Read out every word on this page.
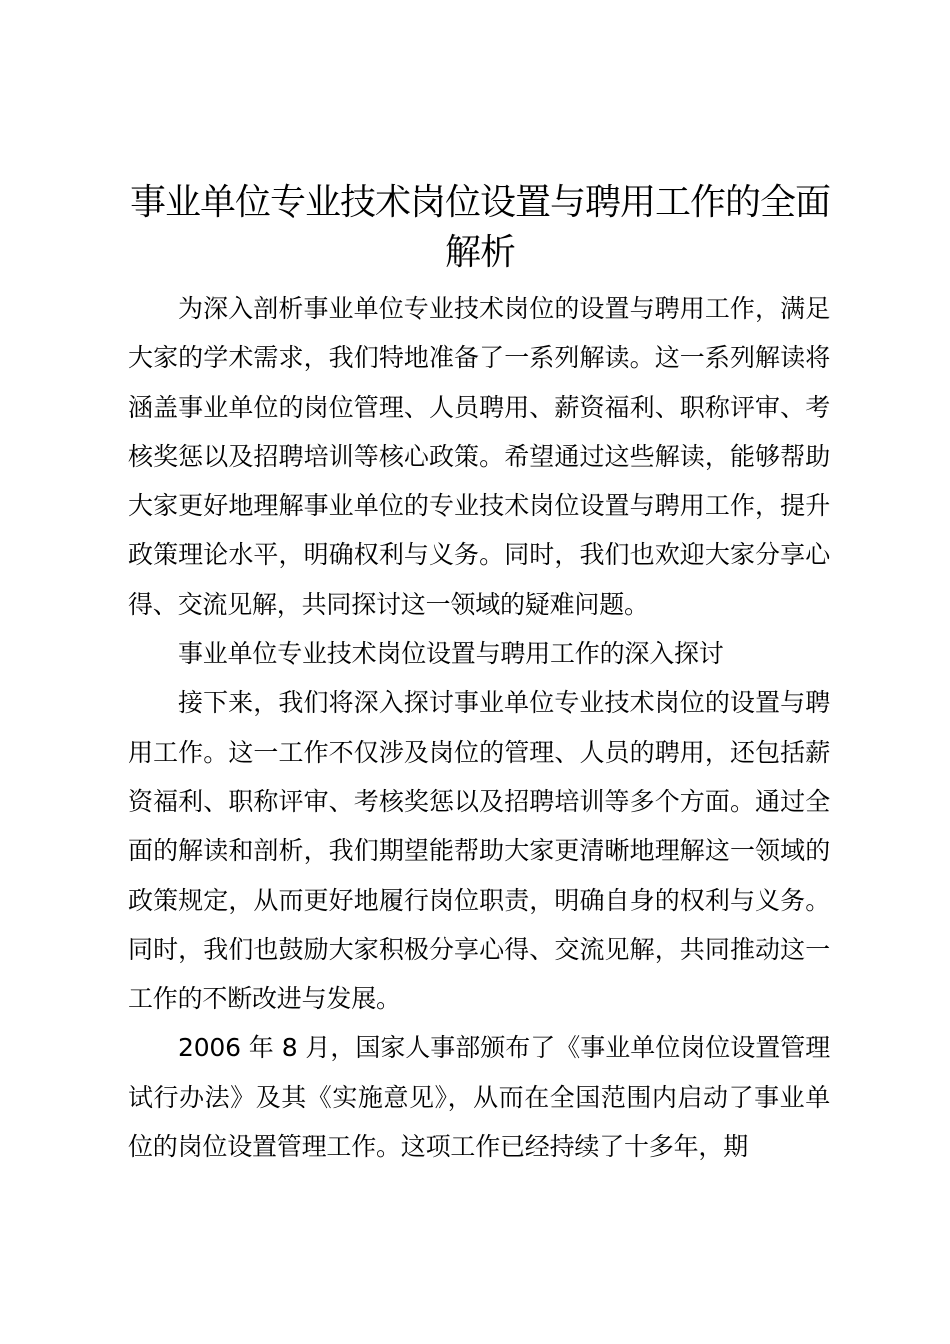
事业单位专业技术岗位设置与聘用工作的全面解析

为深入剖析事业单位专业技术岗位的设置与聘用工作，满足大家的学术需求，我们特地准备了一系列解读。这一系列解读将涵盖事业单位的岗位管理、人员聘用、薪资福利、职称评审、考核奖惩以及招聘培训等核心政策。希望通过这些解读，能够帮助大家更好地理解事业单位的专业技术岗位设置与聘用工作，提升政策理论水平，明确权利与义务。同时，我们也欢迎大家分享心得、交流见解，共同探讨这一领域的疑难问题。

事业单位专业技术岗位设置与聘用工作的深入探讨

接下来，我们将深入探讨事业单位专业技术岗位的设置与聘用工作。这一工作不仅涉及岗位的管理、人员的聘用，还包括薪资福利、职称评审、考核奖惩以及招聘培训等多个方面。通过全面的解读和剖析，我们期望能帮助大家更清晰地理解这一领域的政策规定，从而更好地履行岗位职责，明确自身的权利与义务。同时，我们也鼓励大家积极分享心得、交流见解，共同推动这一工作的不断改进与发展。

2006 年 8 月，国家人事部颁布了《事业单位岗位设置管理试行办法》及其《实施意见》，从而在全国范围内启动了事业单位的岗位设置管理工作。这项工作已经持续了十多年，期
